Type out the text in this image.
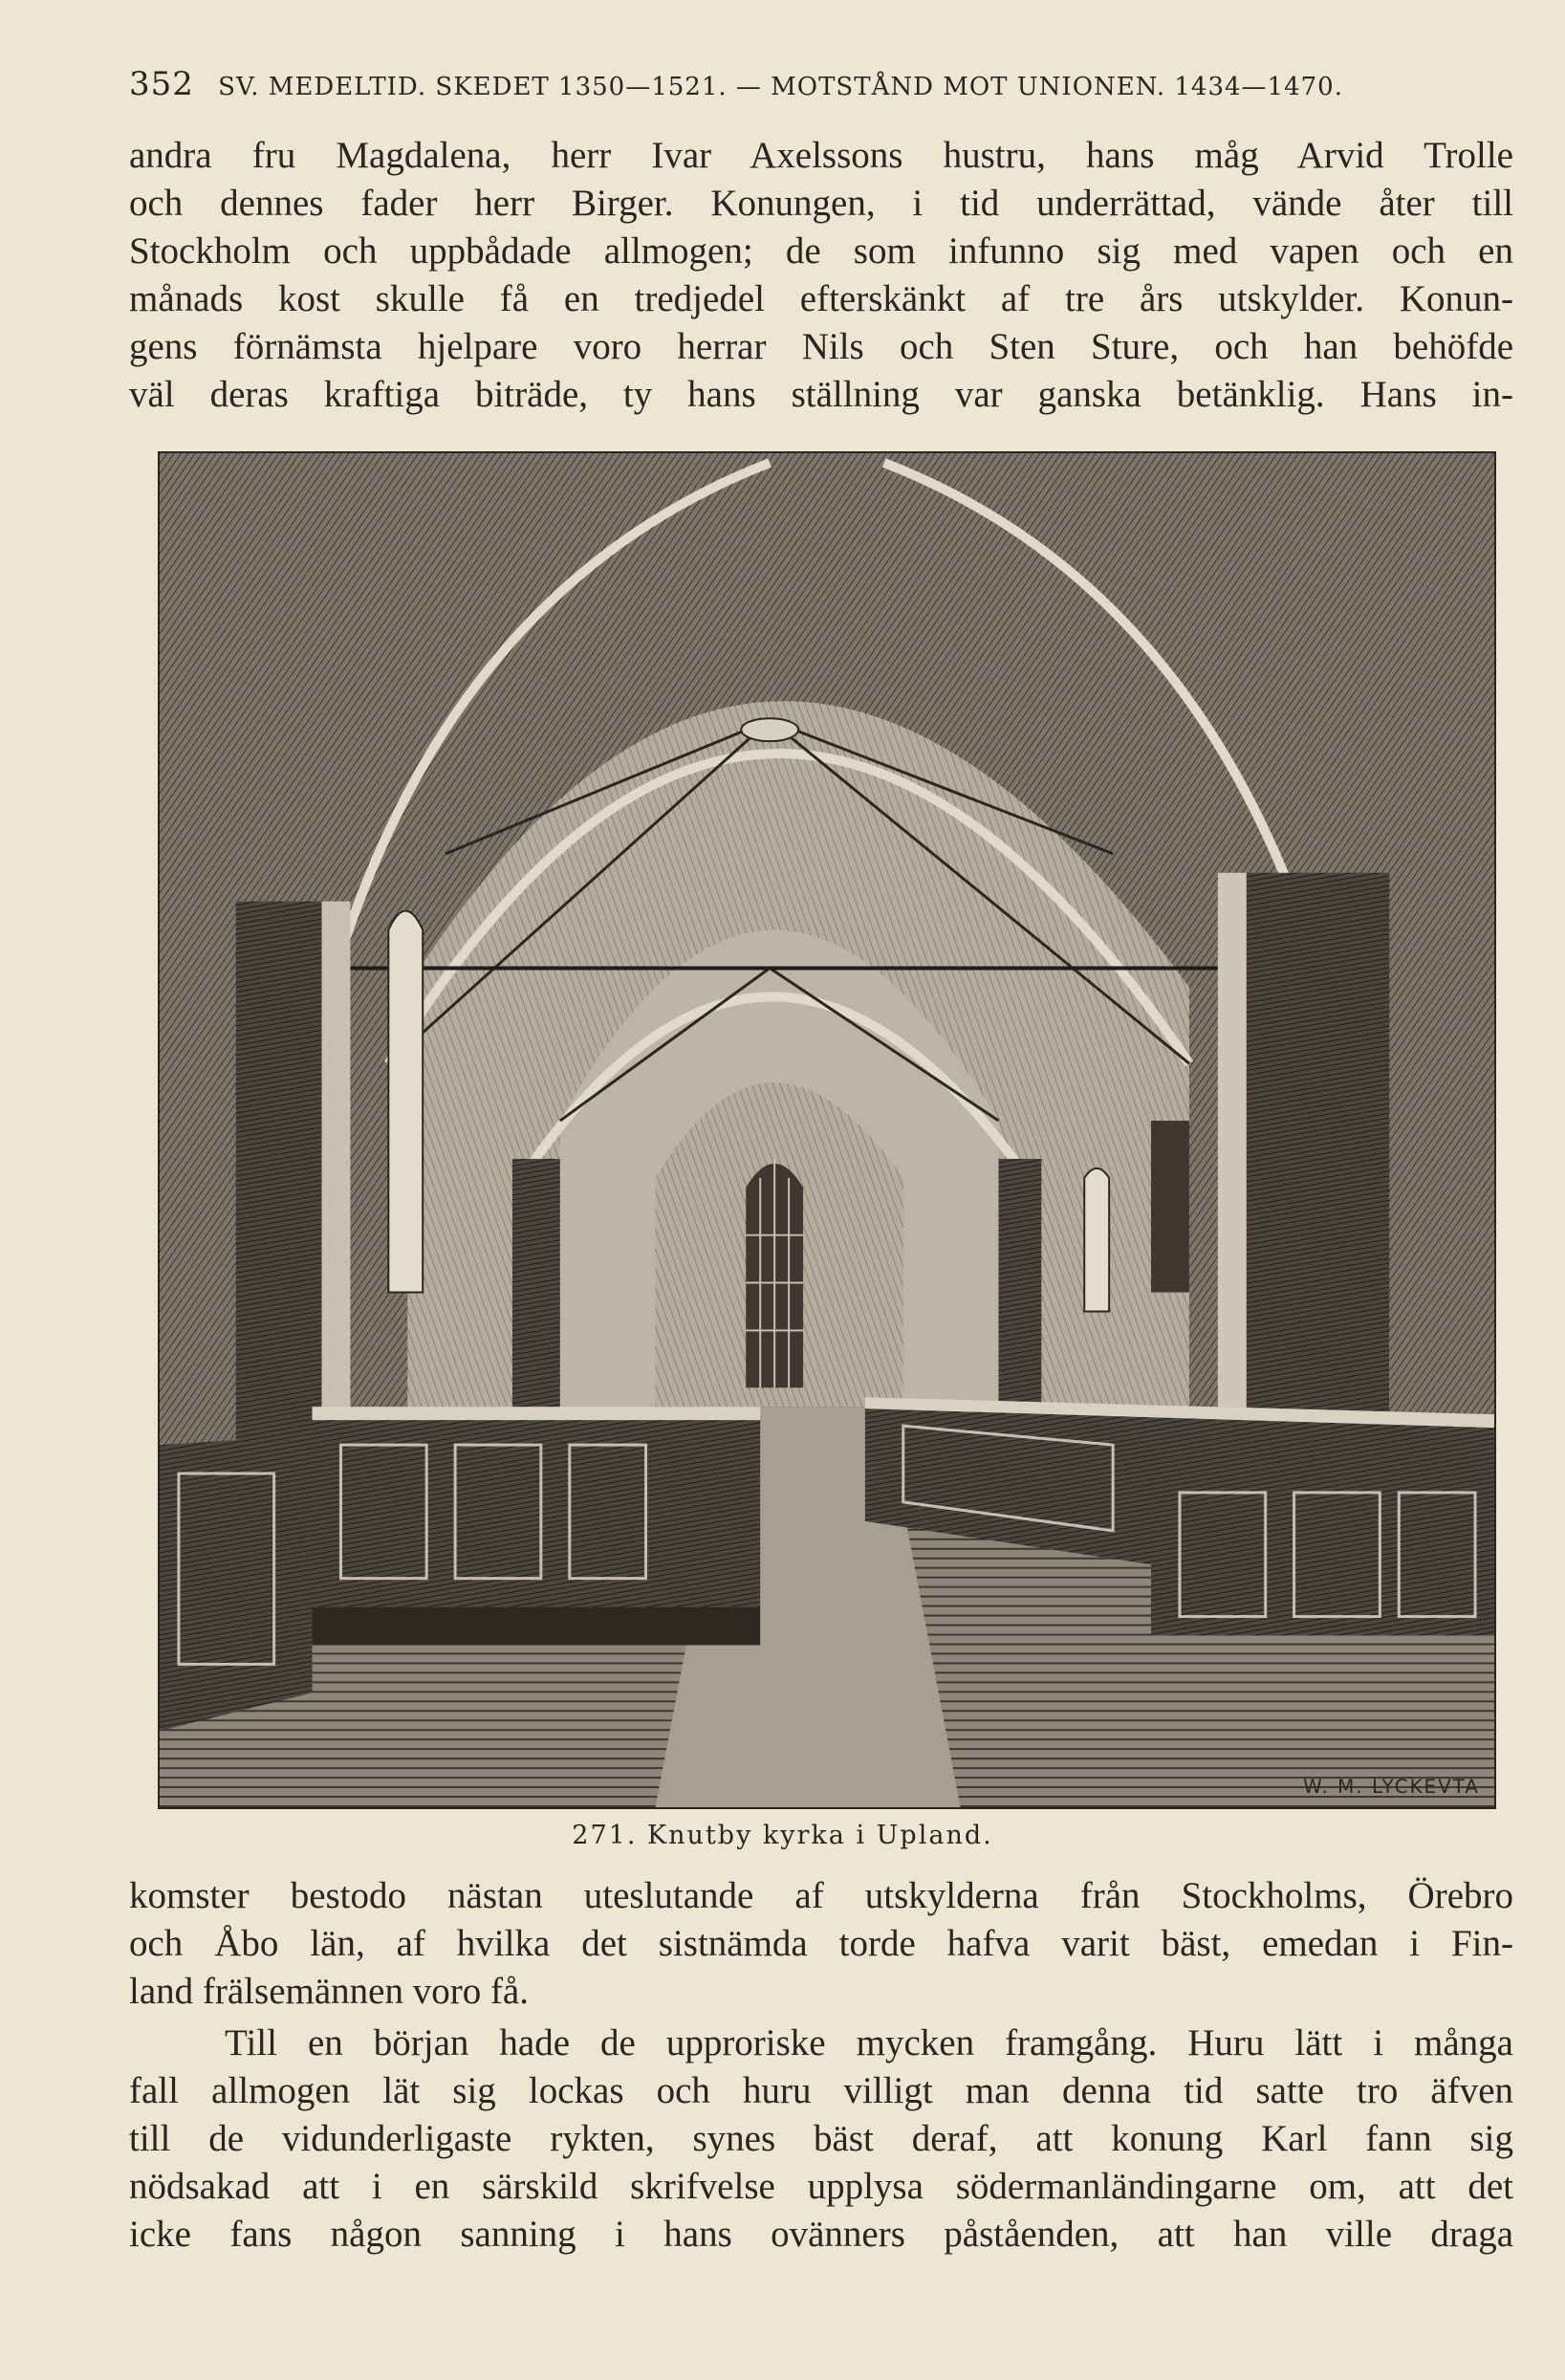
352 SV. MEDELTID. SKEDET 1350—1521. — MOTSTÅND MOT UNIONEN. 1434—1470.
andra fru Magdalena, herr Ivar Axelssons hustru, hans måg Arvid Trolle
och dennes fader herr Birger. Konungen, i tid underrättad, vände åter till
Stockholm och uppbådade allmogen; de som infunno sig med vapen och en
månads kost skulle få en tredjedel efterskänkt af tre års utskylder. Konun-
gens förnämsta hjelpare voro herrar Nils och Sten Sture, och han behöfde
väl deras kraftiga biträde, ty hans ställning var ganska betänklig. Hans in-
W. M. LYCKEVTA
271. Knutby kyrka i Upland.
komster bestodo nästan uteslutande af utskylderna från Stockholms, Örebro
och Åbo län, af hvilka det sistnämda torde hafva varit bäst, emedan i Fin-
land frälsemännen voro få.
Till en början hade de upproriske mycken framgång. Huru lätt i många
fall allmogen lät sig lockas och huru villigt man denna tid satte tro äfven
till de vidunderligaste rykten, synes bäst deraf, att konung Karl fann sig
nödsakad att i en särskild skrifvelse upplysa södermanländingarne om, att det
icke fans någon sanning i hans ovänners påståenden, att han ville draga
